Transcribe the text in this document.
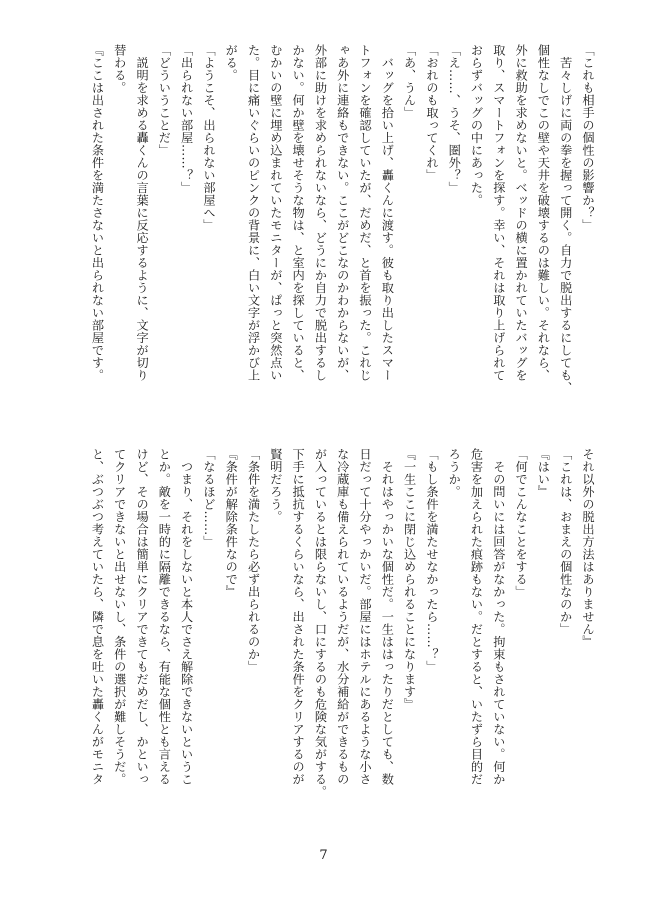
「これも相手の個性の影響か？」
　苦々しげに両の拳を握って開く。自力で脱出するにしても、
個性なしでこの壁や天井を破壊するのは難しい。それなら、
外に救助を求めないと。ベッドの横に置かれていたバッグを
取り、スマートフォンを探す。幸い、それは取り上げられて
おらずバッグの中にあった。
「え……、うそ、圏外？」
「おれのも取ってくれ」
「あ、うん」
　バッグを拾い上げ、轟くんに渡す。彼も取り出したスマー
トフォンを確認していたが、だめだ、と首を振った。これじ
ゃあ外に連絡もできない。ここがどこなのかわからないが、
外部に助けを求められないなら、どうにか自力で脱出するし
かない。何か壁を壊せそうな物は、と室内を探していると、
むかいの壁に埋め込まれていたモニターが、ぱっと突然点い
た。目に痛いぐらいのピンクの背景に、白い文字が浮かび上
がる。
「ようこそ、出られない部屋へ」
「出られない部屋……？」
「どういうことだ」
　説明を求める轟くんの言葉に反応するように、文字が切り
替わる。
『ここは出された条件を満たさないと出られない部屋です。
それ以外の脱出方法はありません』
「これは、おまえの個性なのか」
『はい』
「何でこんなことをする」
　その問いには回答がなかった。拘束もされていない。何か
危害を加えられた痕跡もない。だとすると、いたずら目的だ
ろうか。
「もし条件を満たせなかったら……？」
『一生ここに閉じ込められることになります』
　それはやっかいな個性だ。一生ははったりだとしても、数
日だって十分やっかいだ。部屋にはホテルにあるような小さ
な冷蔵庫も備えられているようだが、水分補給ができるもの
が入っているとは限らないし、口にするのも危険な気がする。
下手に抵抗するくらいなら、出された条件をクリアするのが
賢明だろう。
「条件を満たしたら必ず出られるのか」
『条件が解除条件なので』
「なるほど……」
　つまり、それをしないと本人でさえ解除できないというこ
とか。敵を一時的に隔離できるなら、有能な個性とも言える
けど、その場合は簡単にクリアできてもだめだし、かといっ
てクリアできないと出せないし、条件の選択が難しそうだ。
と、ぶつぶつ考えていたら、隣で息を吐いた轟くんがモニタ
7
